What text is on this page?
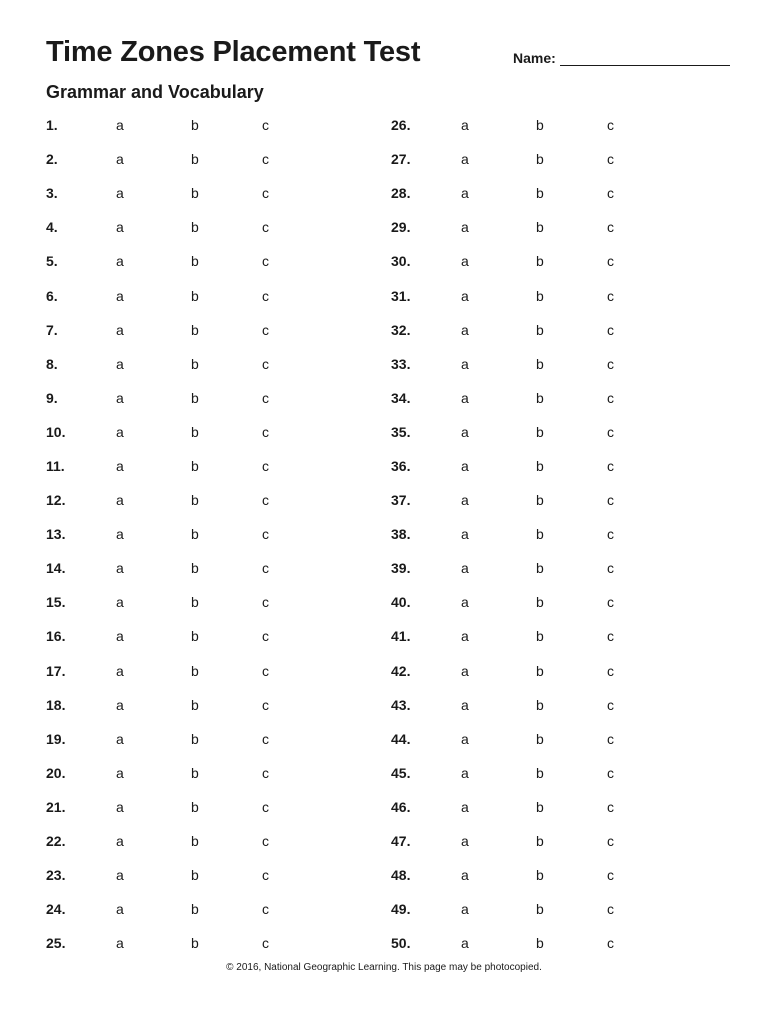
Time Zones Placement Test	Name:
Grammar and Vocabulary
1.	a	b	c
2.	a	b	c
3.	a	b	c
4.	a	b	c
5.	a	b	c
6.	a	b	c
7.	a	b	c
8.	a	b	c
9.	a	b	c
10.	a	b	c
11.	a	b	c
12.	a	b	c
13.	a	b	c
14.	a	b	c
15.	a	b	c
16.	a	b	c
17.	a	b	c
18.	a	b	c
19.	a	b	c
20.	a	b	c
21.	a	b	c
22.	a	b	c
23.	a	b	c
24.	a	b	c
25.	a	b	c
26.	a	b	c
27.	a	b	c
28.	a	b	c
29.	a	b	c
30.	a	b	c
31.	a	b	c
32.	a	b	c
33.	a	b	c
34.	a	b	c
35.	a	b	c
36.	a	b	c
37.	a	b	c
38.	a	b	c
39.	a	b	c
40.	a	b	c
41.	a	b	c
42.	a	b	c
43.	a	b	c
44.	a	b	c
45.	a	b	c
46.	a	b	c
47.	a	b	c
48.	a	b	c
49.	a	b	c
50.	a	b	c
© 2016, National Geographic Learning. This page may be photocopied.
